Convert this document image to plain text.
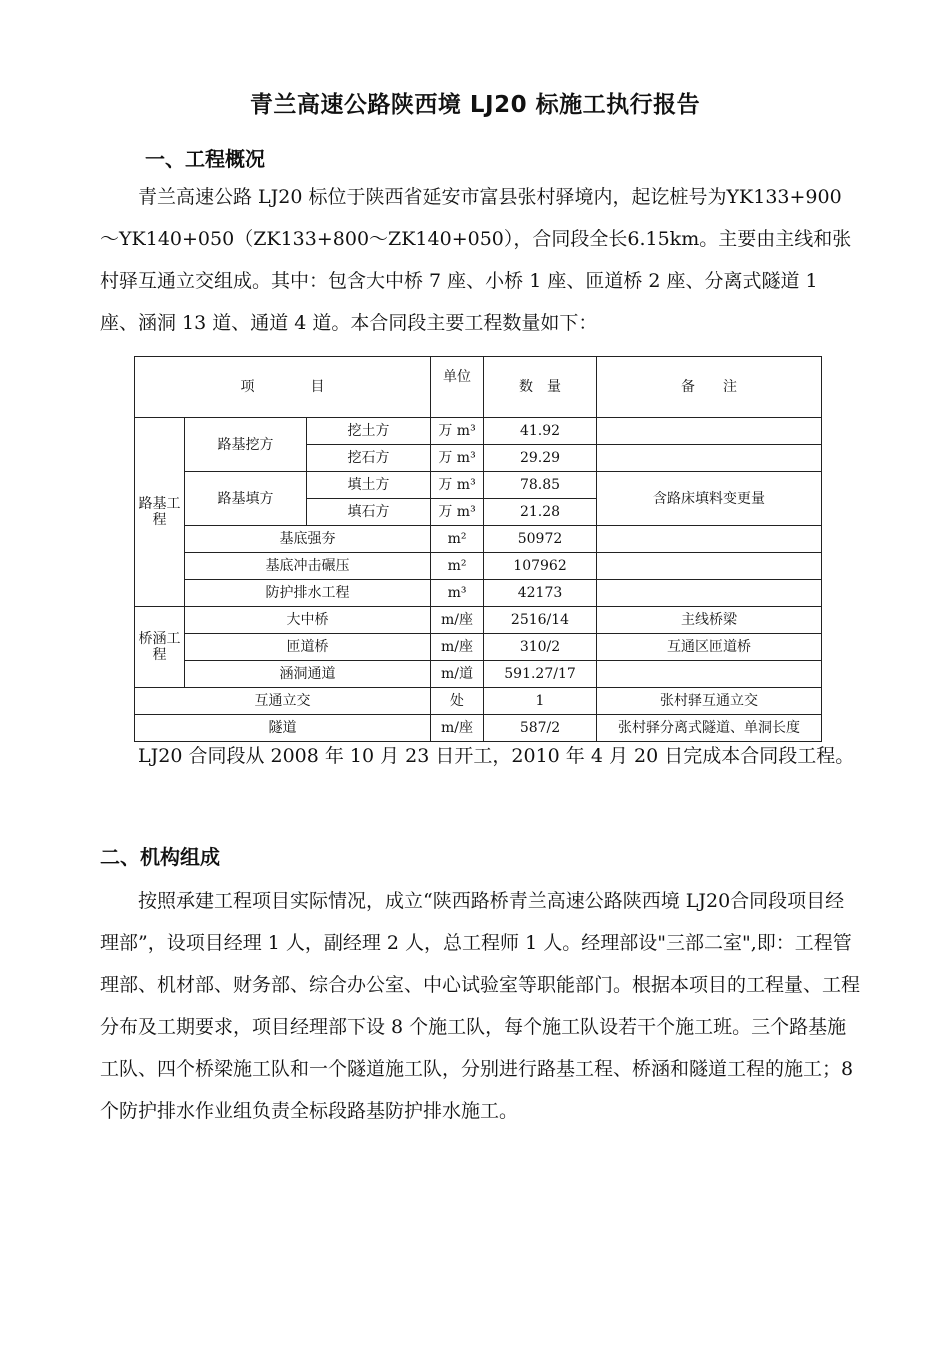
青兰高速公路陕西境 LJ20 标施工执行报告
一、工程概况

青兰高速公路 LJ20 标位于陕西省延安市富县张村驿境内，起讫桩号为YK133+900～YK140+050（ZK133+800～ZK140+050），合同段全长6.15km。主要由主线和张村驿互通立交组成。其中：包含大中桥 7 座、小桥 1 座、匝道桥 2 座、分离式隧道 1 座、涵洞 13 道、通道 4 道。本合同段主要工程数量如下：

项　　　　目			单位	数　量	备　　注
路基工程	路基挖方	挖土方	万 m³	41.92	
		挖石方	万 m³	29.29	
	路基填方	填土方	万 m³	78.85	含路床填料变更量
		填石方	万 m³	21.28	
	基底强夯		m²	50972	
	基底冲击碾压		m²	107962	
	防护排水工程		m³	42173	
桥涵工程	大中桥		m/座	2516/14	主线桥梁
	匝道桥		m/座	310/2	互通区匝道桥
	涵洞通道		m/道	591.27/17	
互通立交			处	1	张村驿互通立交
隧道			m/座	587/2	张村驿分离式隧道、单洞长度

LJ20 合同段从 2008 年 10 月 23 日开工，2010 年 4 月 20 日完成本合同段工程。

二、机构组成

按照承建工程项目实际情况，成立“陕西路桥青兰高速公路陕西境 LJ20合同段项目经理部”，设项目经理 1 人，副经理 2 人，总工程师 1 人。经理部设"三部二室",即：工程管理部、机材部、财务部、综合办公室、中心试验室等职能部门。根据本项目的工程量、工程分布及工期要求，项目经理部下设 8 个施工队，每个施工队设若干个施工班。三个路基施工队、四个桥梁施工队和一个隧道施工队，分别进行路基工程、桥涵和隧道工程的施工；8 个防护排水作业组负责全标段路基防护排水施工。
